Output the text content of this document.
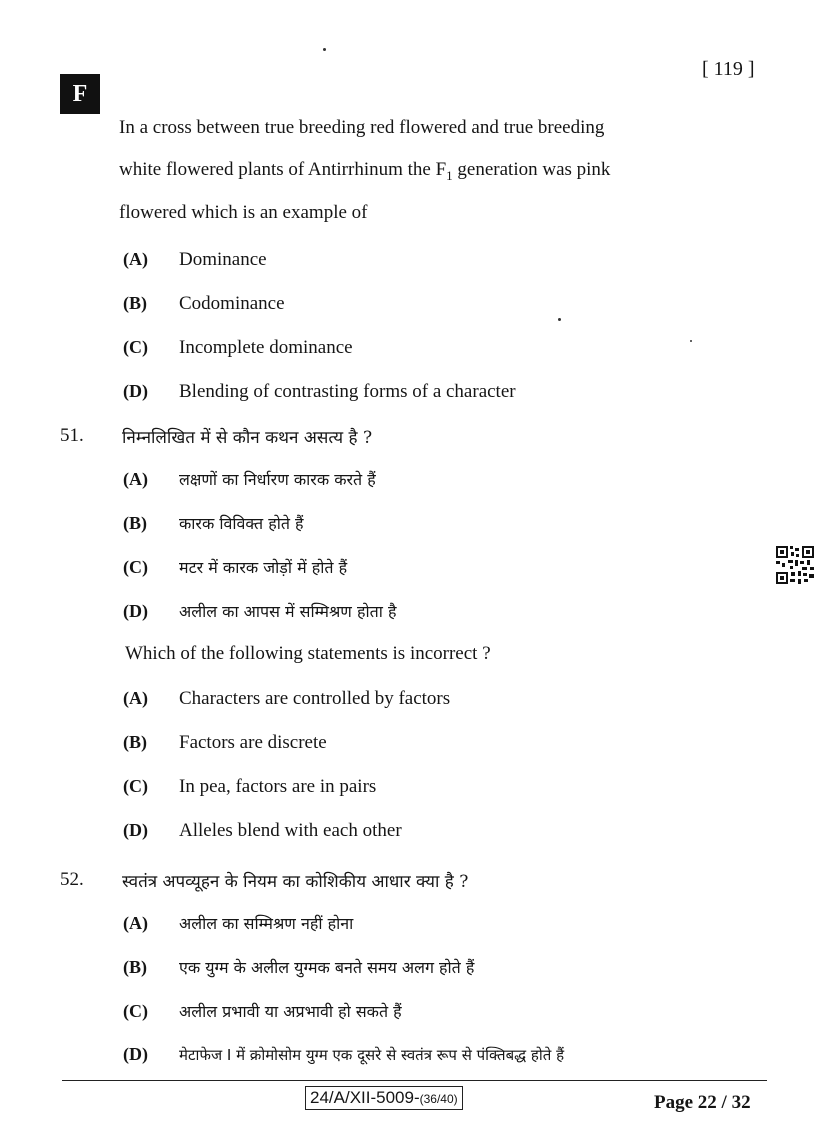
F
[ 119 ]
In a cross between true breeding red flowered and true breeding
white flowered plants of Antirrhinum the $F_1$ generation was pink
flowered which is an example of
(A)	Dominance
(B)	Codominance
(C)	Incomplete dominance
(D)	Blending of contrasting forms of a character
51. निम्नलिखित में से कौन कथन असत्य है ?
(A)	लक्षणों का निर्धारण कारक करते हैं
(B)	कारक विविक्त होते हैं
(C)	मटर में कारक जोड़ों में होते हैं
(D)	अलील का आपस में सम्मिश्रण होता है
Which of the following statements is incorrect ?
(A)	Characters are controlled by factors
(B)	Factors are discrete
(C)	In pea, factors are in pairs
(D)	Alleles blend with each other
52. स्वतंत्र अपव्यूहन के नियम का कोशिकीय आधार क्या है ?
(A)	अलील का सम्मिश्रण नहीं होना
(B)	एक युग्म के अलील युग्मक बनते समय अलग होते हैं
(C)	अलील प्रभावी या अप्रभावी हो सकते हैं
(D)	मेटाफेज I में क्रोमोसोम युग्म एक दूसरे से स्वतंत्र रूप से पंक्तिबद्ध होते हैं
24/A/XII-5009-(36/40)	Page 22 / 32
